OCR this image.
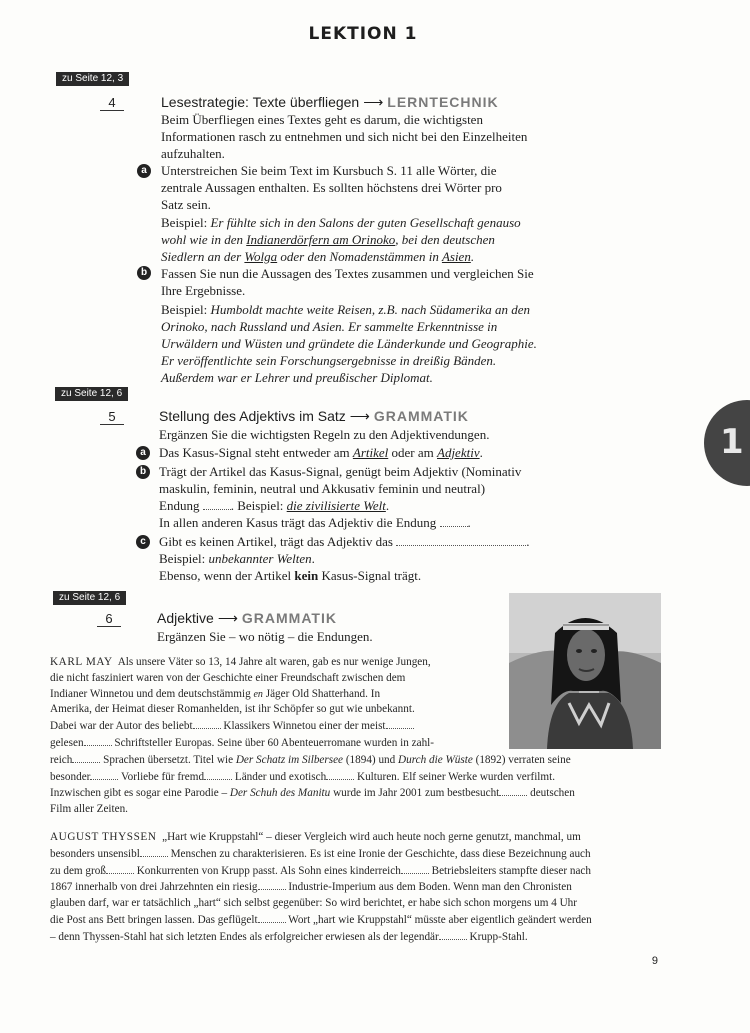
LEKTION 1
1
zu Seite 12, 3
4	Lesestrategie: Texte überfliegen ⟶ LERNTECHNIK
Beim Überfliegen eines Textes geht es darum, die wichtigsten
Informationen rasch zu entnehmen und sich nicht bei den Einzelheiten
aufzuhalten.
a	Unterstreichen Sie beim Text im Kursbuch S. 11 alle Wörter, die
zentrale Aussagen enthalten. Es sollten höchstens drei Wörter pro
Satz sein.
Beispiel: Er fühlte sich in den Salons der guten Gesellschaft genauso
wohl wie in den Indianerdörfern am Orinoko, bei den deutschen
Siedlern an der Wolga oder den Nomadenstämmen in Asien.
b	Fassen Sie nun die Aussagen des Textes zusammen und vergleichen Sie
Ihre Ergebnisse.
Beispiel: Humboldt machte weite Reisen, z.B. nach Südamerika an den
Orinoko, nach Russland und Asien. Er sammelte Erkenntnisse in
Urwäldern und Wüsten und gründete die Länderkunde und Geographie.
Er veröffentlichte sein Forschungsergebnisse in dreißig Bänden.
Außerdem war er Lehrer und preußischer Diplomat.
zu Seite 12, 6
5	Stellung des Adjektivs im Satz ⟶ GRAMMATIK
Ergänzen Sie die wichtigsten Regeln zu den Adjektivendungen.
a	Das Kasus-Signal steht entweder am Artikel oder am Adjektiv.
b Trägt der Artikel das Kasus-Signal, genügt beim Adjektiv (Nominativ
maskulin, feminin, neutral und Akkusativ feminin und neutral)
Endung . Beispiel: die zivilisierte Welt.
In allen anderen Kasus trägt das Adjektiv die Endung .
c	Gibt es keinen Artikel, trägt das Adjektiv das	.
Beispiel: unbekannter Welten.
Ebenso, wenn der Artikel kein Kasus-Signal trägt.
zu Seite 12, 6
6	Adjektive ⟶ GRAMMATIK
Ergänzen Sie – wo nötig – die Endungen.
KARL MAY Als unsere Väter so 13, 14 Jahre alt waren, gab es nur wenige Jungen,
die nicht fasziniert waren von der Geschichte einer Freundschaft zwischen dem
Indianer Winnetou und dem deutschstämmig en Jäger Old Shatterhand. In
Amerika, der Heimat dieser Romanhelden, ist ihr Schöpfer so gut wie unbekannt.
Dabei war der Autor des beliebt	Klassikers Winnetou einer der meist
gelesen	Schriftsteller Europas. Seine über 60 Abenteuerromane wurden in zahl-
reich	Sprachen übersetzt. Titel wie Der Schatz im Silbersee (1894) und Durch die Wüste (1892) verraten seine
besonder	Vorliebe für fremd	Länder und exotisch	Kulturen. Elf seiner Werke wurden verfilmt.
Inzwischen gibt es sogar eine Parodie – Der Schuh des Manitu wurde im Jahr 2001 zum bestbesucht	deutschen
Film aller Zeiten.
AUGUST THYSSEN „Hart wie Kruppstahl“ – dieser Vergleich wird auch heute noch gerne genutzt, manchmal, um
besonders unsensibl	Menschen zu charakterisieren. Es ist eine Ironie der Geschichte, dass diese Bezeichnung auch
zu dem groß	Konkurrenten von Krupp passt. Als Sohn eines kinderreich	Betriebsleiters stampfte dieser nach
1867 innerhalb von drei Jahrzehnten ein riesig	Industrie-Imperium aus dem Boden. Wenn man den Chronisten
glauben darf, war er tatsächlich „hart“ sich selbst gegenüber: So wird berichtet, er habe sich schon morgens um 4 Uhr
die Post ans Bett bringen lassen. Das geflügelt	Wort „hart wie Kruppstahl“ müsste aber eigentlich geändert werden
– denn Thyssen-Stahl hat sich letzten Endes als erfolgreicher erwiesen als der legendär	Krupp-Stahl.
9
